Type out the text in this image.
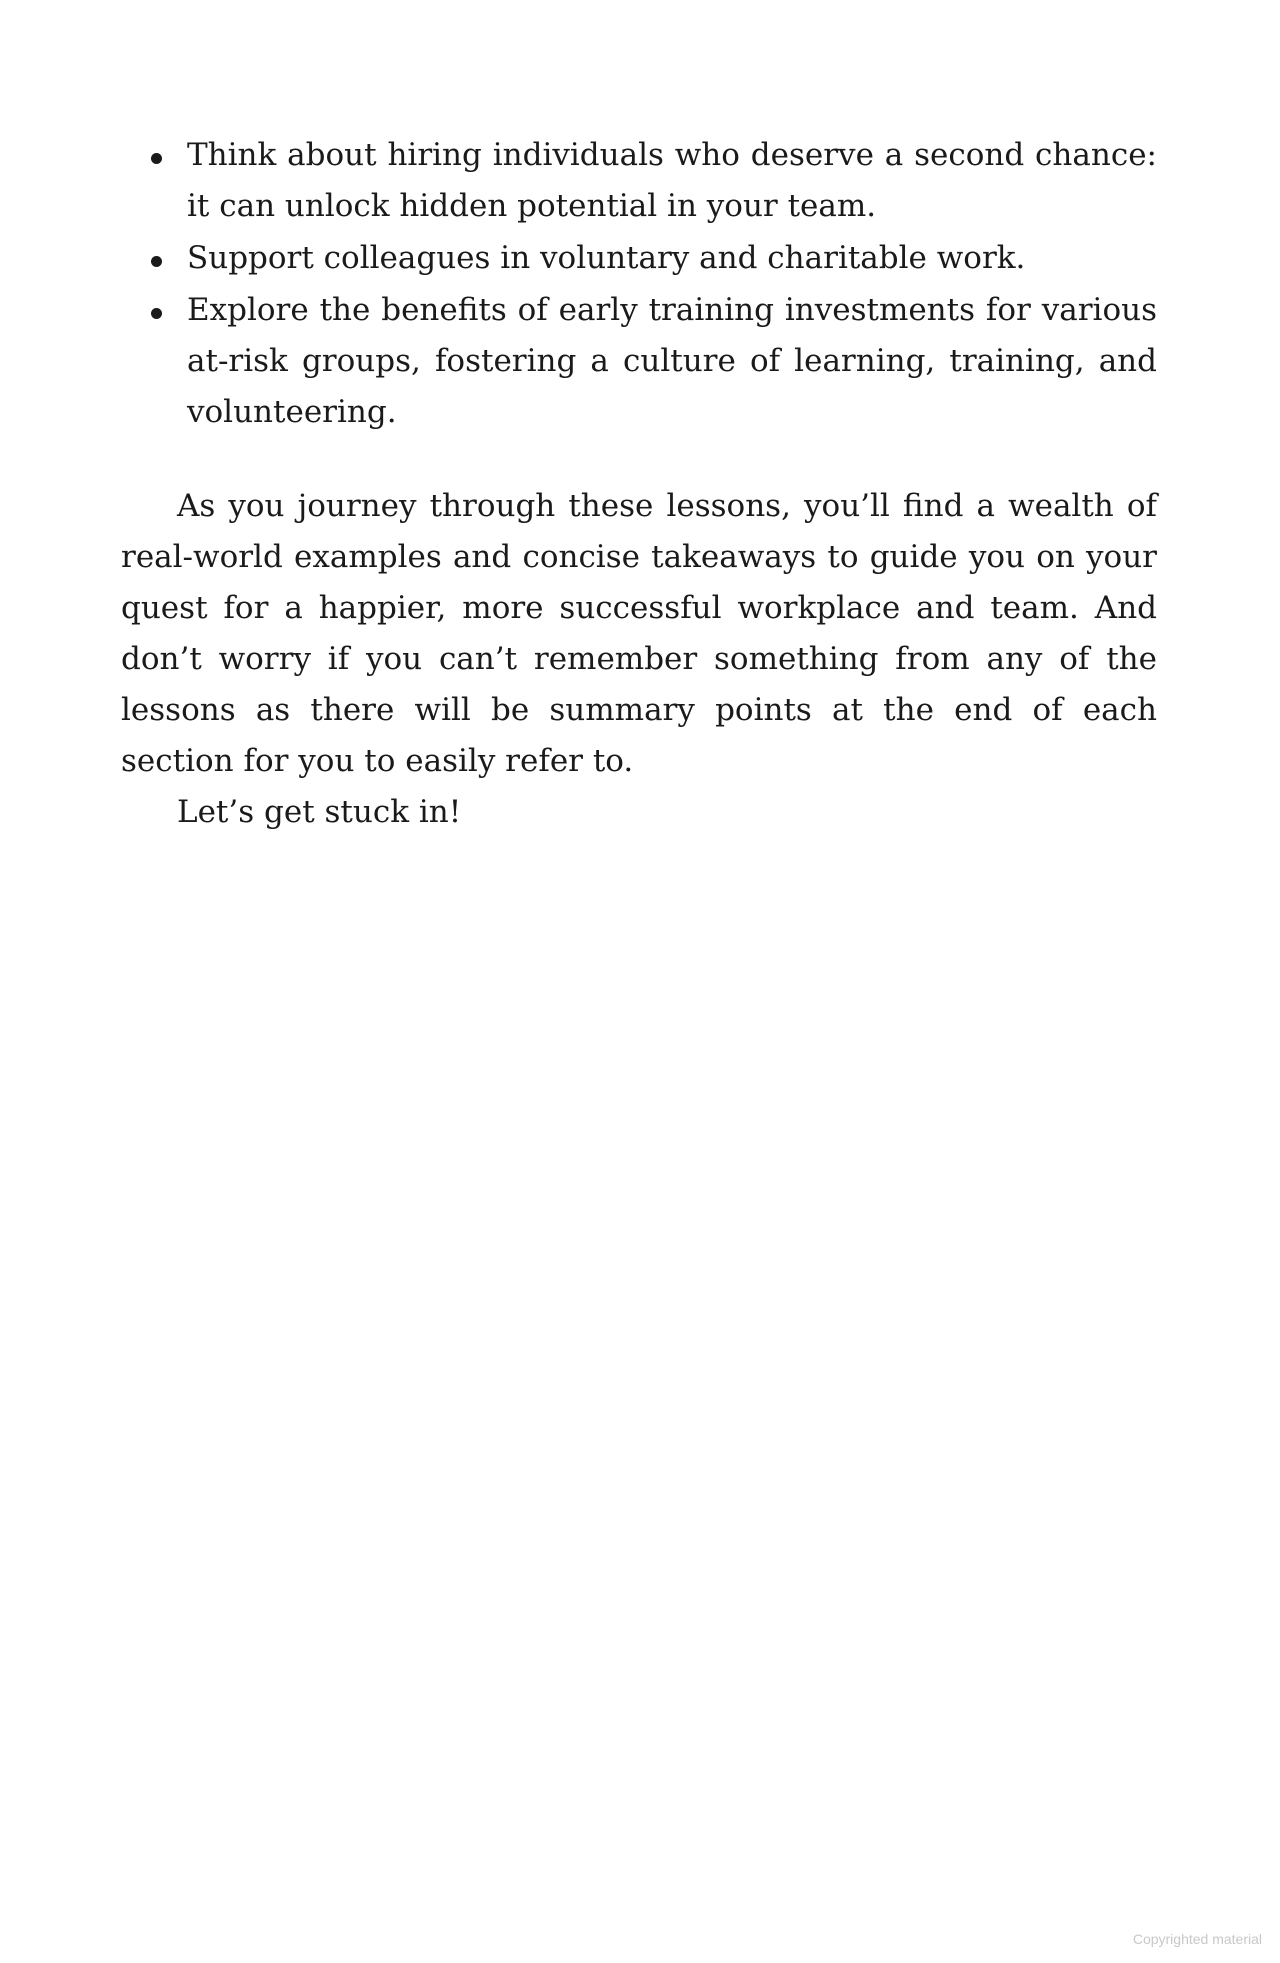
Think about hiring individuals who deserve a second chance: it can unlock hidden potential in your team.
Support colleagues in voluntary and charitable work.
Explore the benefits of early training investments for various at-risk groups, fostering a culture of learning, training, and volunteering.

As you journey through these lessons, you’ll find a wealth of real-world examples and concise takeaways to guide you on your quest for a happier, more successful workplace and team. And don’t worry if you can’t remember something from any of the lessons as there will be summary points at the end of each section for you to easily refer to.

Let’s get stuck in!

Copyrighted material
